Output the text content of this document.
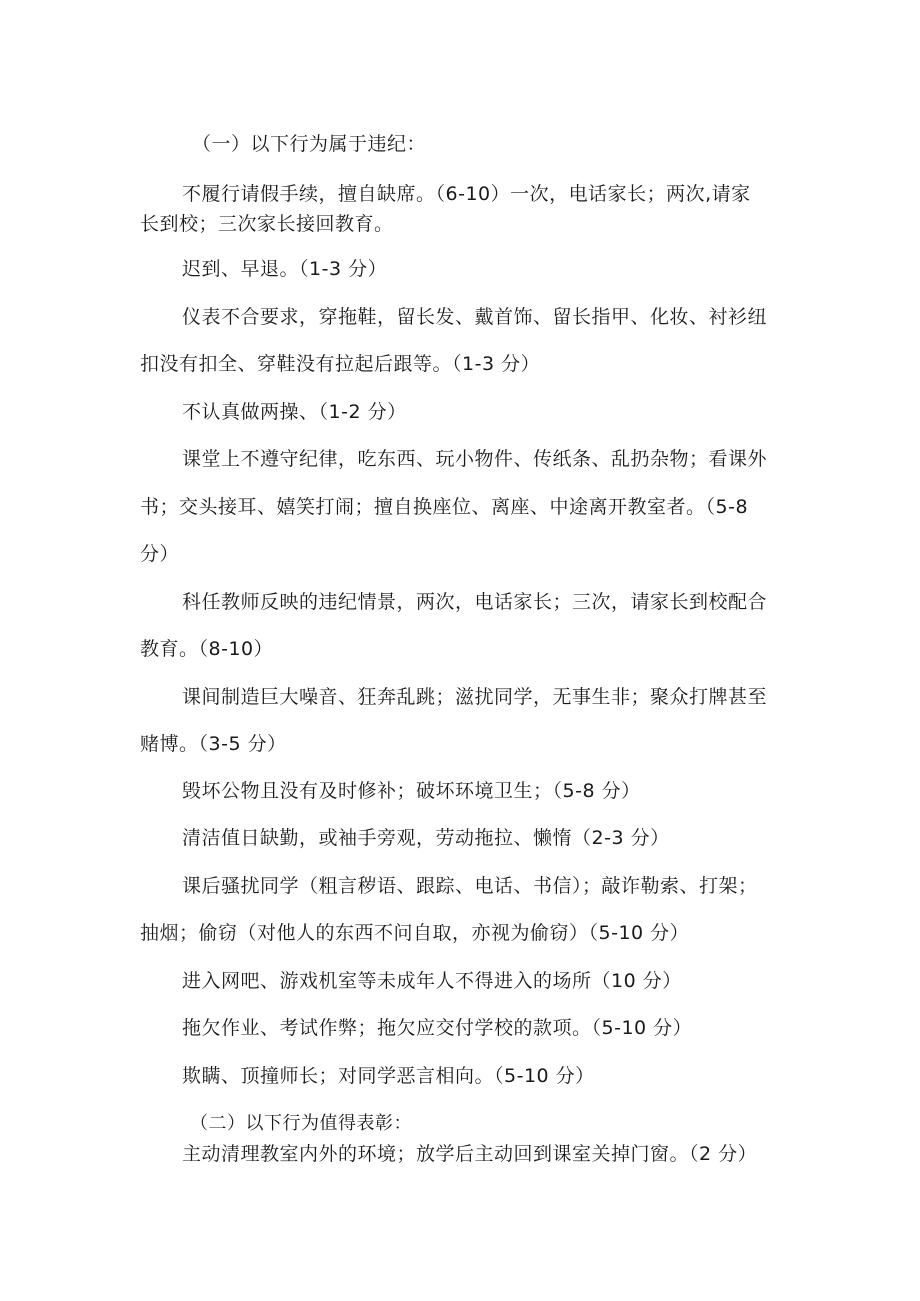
（一）以下行为属于违纪：
不履行请假手续，擅自缺席。（6-10）一次，电话家长；两次,请家
长到校；三次家长接回教育。
迟到、早退。（1-3 分）
仪表不合要求，穿拖鞋，留长发、戴首饰、留长指甲、化妆、衬衫纽
扣没有扣全、穿鞋没有拉起后跟等。（1-3 分）
不认真做两操、（1-2 分）
课堂上不遵守纪律，吃东西、玩小物件、传纸条、乱扔杂物；看课外
书；交头接耳、嬉笑打闹；擅自换座位、离座、中途离开教室者。（5-8
分）
科任教师反映的违纪情景，两次，电话家长；三次，请家长到校配合
教育。（8-10）
课间制造巨大噪音、狂奔乱跳；滋扰同学，无事生非；聚众打牌甚至
赌博。（3-5 分）
毁坏公物且没有及时修补；破坏环境卫生；（5-8 分）
清洁值日缺勤，或袖手旁观，劳动拖拉、懒惰（2-3 分）
课后骚扰同学（粗言秽语、跟踪、电话、书信）；敲诈勒索、打架；
抽烟；偷窃（对他人的东西不问自取，亦视为偷窃）（5-10 分）
进入网吧、游戏机室等未成年人不得进入的场所（10 分）
拖欠作业、考试作弊；拖欠应交付学校的款项。（5-10 分）
欺瞒、顶撞师长；对同学恶言相向。（5-10 分）
（二）以下行为值得表彰：
主动清理教室内外的环境；放学后主动回到课室关掉门窗。（2 分）
